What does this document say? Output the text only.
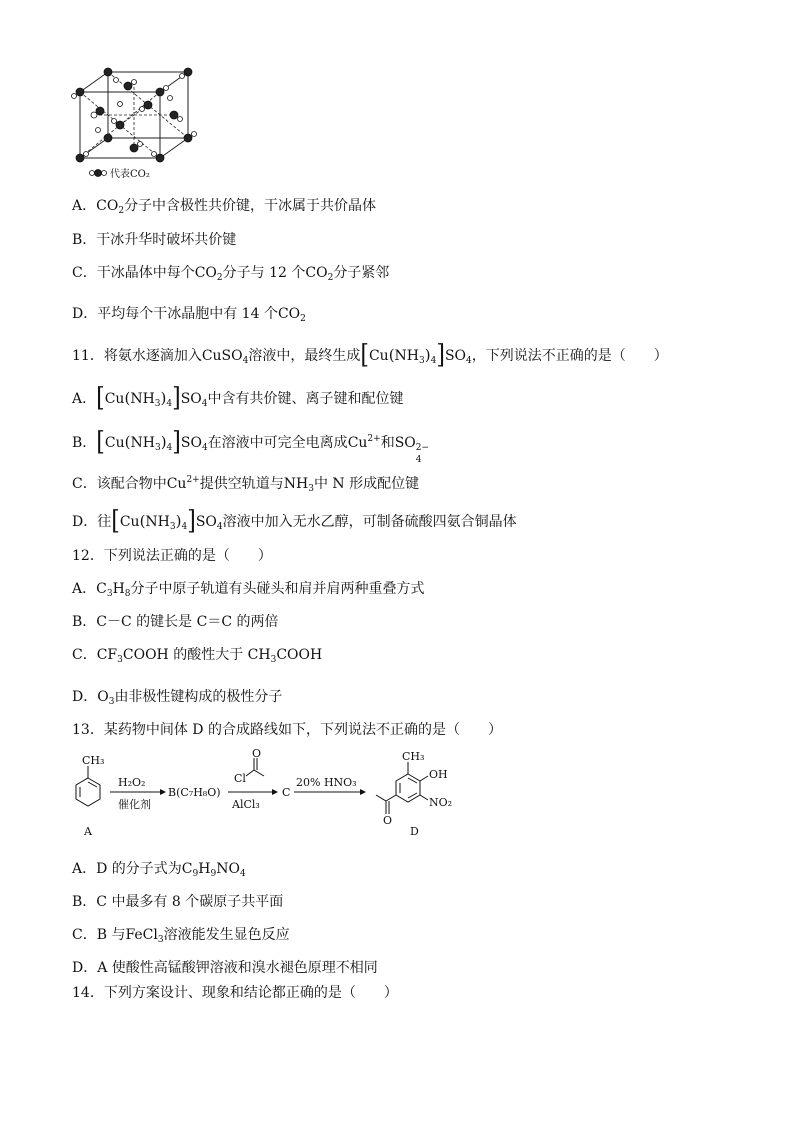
代表CO₂
A．$CO_2$分子中含极性共价键，干冰属于共价晶体
B．干冰升华时破坏共价键
C．干冰晶体中每个$CO_2$分子与 12 个$CO_2$分子紧邻
D．平均每个干冰晶胞中有 14 个$CO_2$
11．将氨水逐滴加入CuSO$_4$溶液中，最终生成$[Cu(NH_3)_4]SO_4$，下列说法不正确的是（　　）
A．$[Cu(NH_3)_4]SO_4$中含有共价键、离子键和配位键
B．$[Cu(NH_3)_4]SO_4$在溶液中可完全电离成$Cu^{2+}$和SO 2−
4
C．该配合物中$Cu^{2+}$提供空轨道与$NH_3$中 N 形成配位键
D．往$[Cu(NH_3)_4]SO_4$溶液中加入无水乙醇，可制备硫酸四氨合铜晶体
12．下列说法正确的是（　　）
A．$C_3H_8$分子中原子轨道有头碰头和肩并肩两种重叠方式
B．C－C 的键长是 C＝C 的两倍
C．$CF_3COOH$ 的酸性大于 $CH_3COOH$
D．$O_3$由非极性键构成的极性分子
13．某药物中间体 D 的合成路线如下，下列说法不正确的是（　　）
CH₃
A
H₂O₂
催化剂
B(C₇H₈O)
O
Cl
AlCl₃
C
20% HNO₃
CH₃
OH
NO₂
O
D
A．D 的分子式为$C_9H_9NO_4$
B．C 中最多有 8 个碳原子共平面
C．B 与FeCl$_3$溶液能发生显色反应
D．A 使酸性高锰酸钾溶液和溴水褪色原理不相同
14．下列方案设计、现象和结论都正确的是（　　）
